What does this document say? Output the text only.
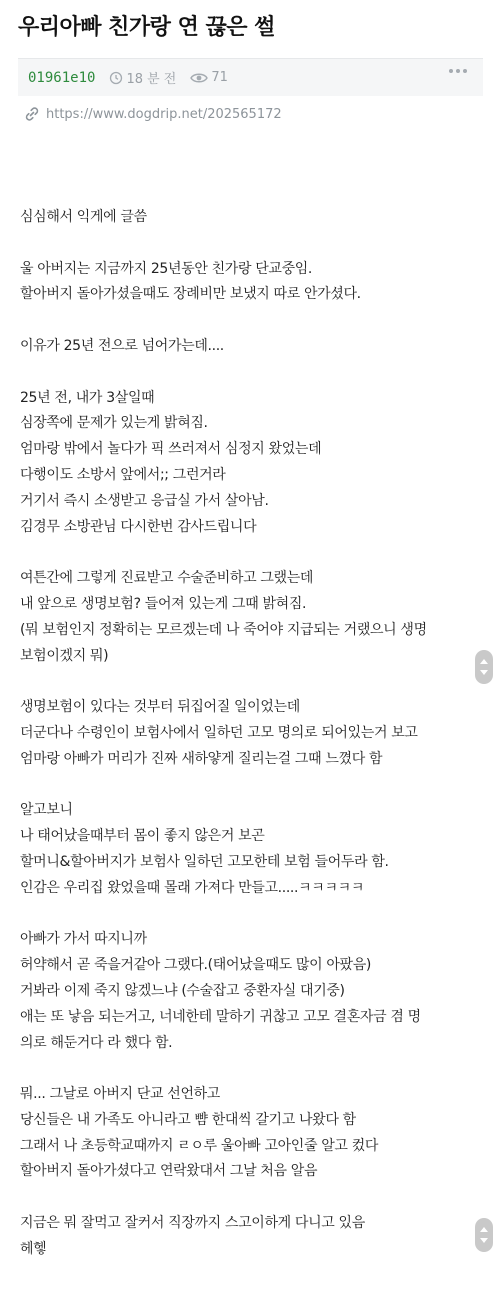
우리아빠 친가랑 연 끊은 썰
01961e10 18 분 전	71
https://www.dogdrip.net/202565172
심심해서 익게에 글씀
울 아버지는 지금까지 25년동안 친가랑 단교중임.
할아버지 돌아가셨을때도 장례비만 보냈지 따로 안가셨다.
이유가 25년 전으로 넘어가는데....
25년 전, 내가 3살일때
심장쪽에 문제가 있는게 밝혀짐.
엄마랑 밖에서 놀다가 픽 쓰러져서 심정지 왔었는데
다행이도 소방서 앞에서;; 그런거라
거기서 즉시 소생받고 응급실 가서 살아남.
김경무 소방관님 다시한번 감사드립니다
여튼간에 그렇게 진료받고 수술준비하고 그랬는데
내 앞으로 생명보험? 들어져 있는게 그때 밝혀짐.
(뭐 보험인지 정확히는 모르겠는데 나 죽어야 지급되는 거랬으니 생명
보험이겠지 뭐)
생명보험이 있다는 것부터 뒤집어질 일이었는데
더군다나 수령인이 보험사에서 일하던 고모 명의로 되어있는거 보고
엄마랑 아빠가 머리가 진짜 새하얗게 질리는걸 그때 느꼈다 함
알고보니
나 태어났을때부터 몸이 좋지 않은거 보곤
할머니&할아버지가 보험사 일하던 고모한테 보험 들어두라 함.
인감은 우리집 왔었을때 몰래 가져다 만들고.....ㅋㅋㅋㅋㅋ
아빠가 가서 따지니까
허약해서 곧 죽을거같아 그랬다.(태어났을때도 많이 아팠음)
거봐라 이제 죽지 않겠느냐 (수술잡고 중환자실 대기중)
애는 또 낳음 되는거고, 너네한테 말하기 귀찮고 고모 결혼자금 겸 명
의로 해둔거다 라 했다 함.
뭐... 그날로 아버지 단교 선언하고
당신들은 내 가족도 아니라고 뺨 한대씩 갈기고 나왔다 함
그래서 나 초등학교때까지 ㄹㅇ루 울아빠 고아인줄 알고 컸다
할아버지 돌아가셨다고 연락왔대서 그날 처음 알음
지금은 뭐 잘먹고 잘커서 직장까지 스고이하게 다니고 있음
헤헿
